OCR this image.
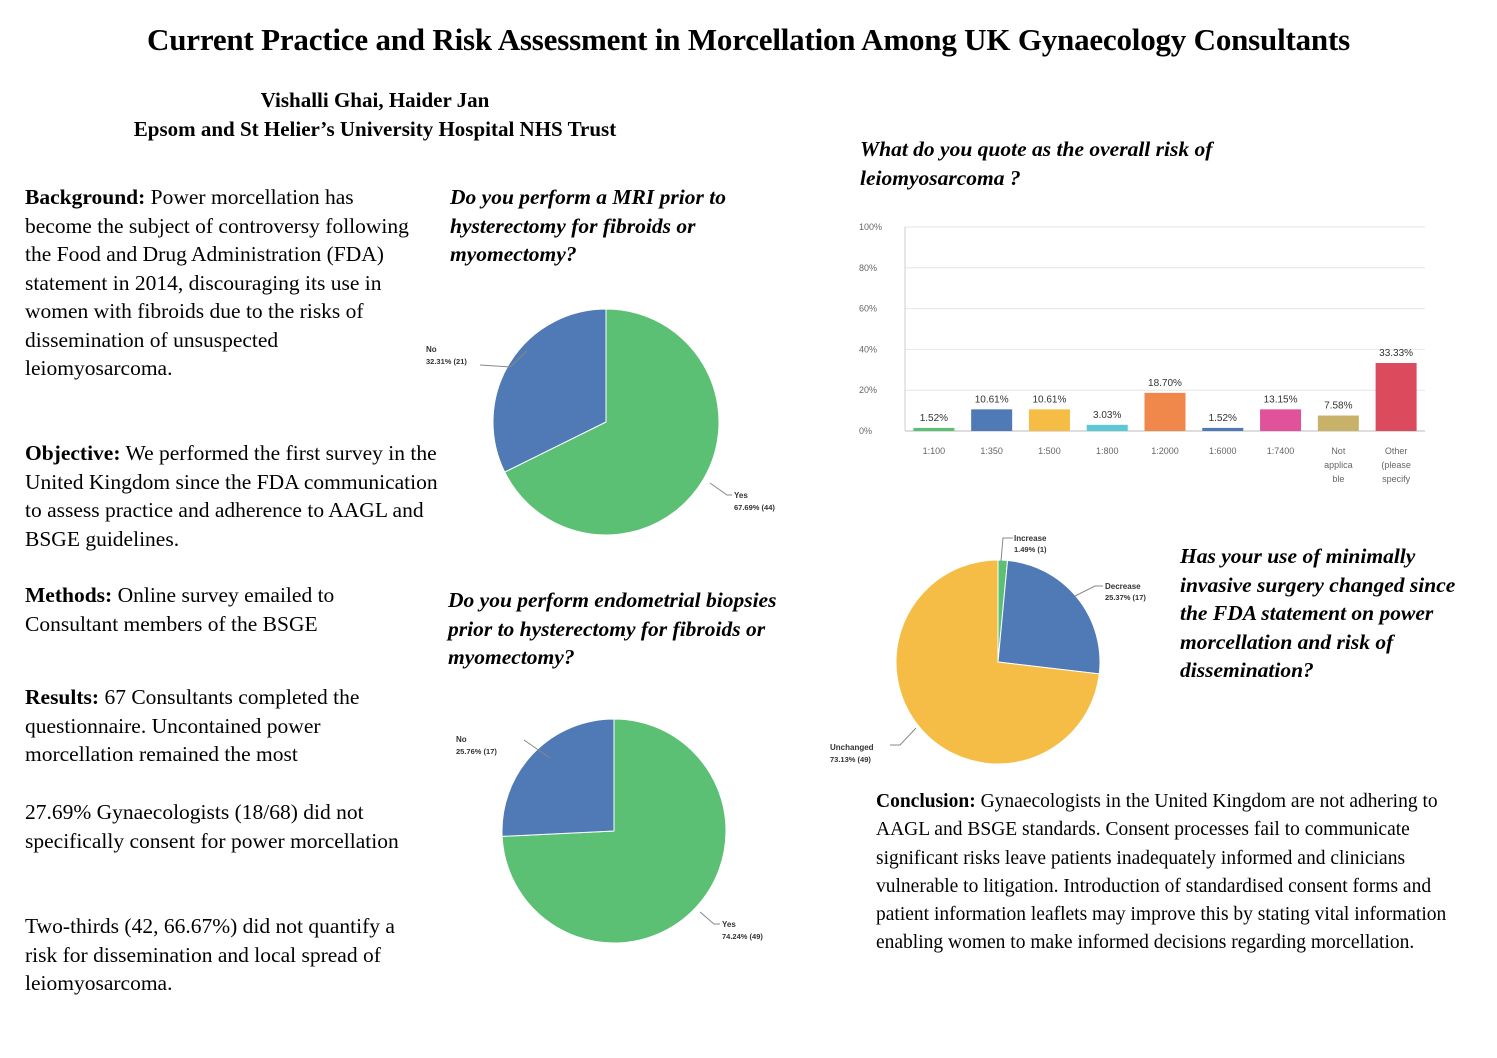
Current Practice and Risk Assessment in Morcellation Among UK Gynaecology Consultants
Vishalli Ghai, Haider Jan
Epsom and St Helier’s University Hospital NHS Trust
Background: Power morcellation has become the subject of controversy following the Food and Drug Administration (FDA) statement in 2014, discouraging its use in women with fibroids due to the risks of dissemination of unsuspected leiomyosarcoma.
Objective: We performed the first survey in the United Kingdom since the FDA communication to assess practice and adherence to AAGL and BSGE guidelines.
Methods: Online survey emailed to Consultant members of the BSGE
Results: 67 Consultants completed the questionnaire. Uncontained power morcellation remained the most
27.69% Gynaecologists (18/68) did not specifically consent for power morcellation
Two-thirds (42, 66.67%) did not quantify a risk for dissemination and local spread of leiomyosarcoma.
Do you perform a MRI prior to hysterectomy for fibroids or myomectomy?
Do you perform endometrial biopsies prior to hysterectomy for fibroids or myomectomy?
What do you quote as the overall risk of leiomyosarcoma ?
Has your use of minimally invasive surgery changed since the FDA statement on power morcellation and risk of dissemination?
No
32.31% (21)
Yes
67.69% (44)
No
25.76% (17)
Yes
74.24% (49)
0%
20%
40%
60%
80%
100%
1.52%
1:100
10.61%
1:350
10.61%
1:500
3.03%
1:800
18.70%
1:2000
1.52%
1:6000
13.15%
1:7400
7.58%
Not
applica
ble
33.33%
Other
(please
specify
Increase
1.49% (1)
Decrease
25.37% (17)
Unchanged
73.13% (49)
Conclusion: Gynaecologists in the United Kingdom are not adhering to AAGL and BSGE standards. Consent processes fail to communicate significant risks leave patients inadequately informed and clinicians vulnerable to litigation. Introduction of standardised consent forms and patient information leaflets may improve this by stating vital information enabling women to make informed decisions regarding morcellation.
